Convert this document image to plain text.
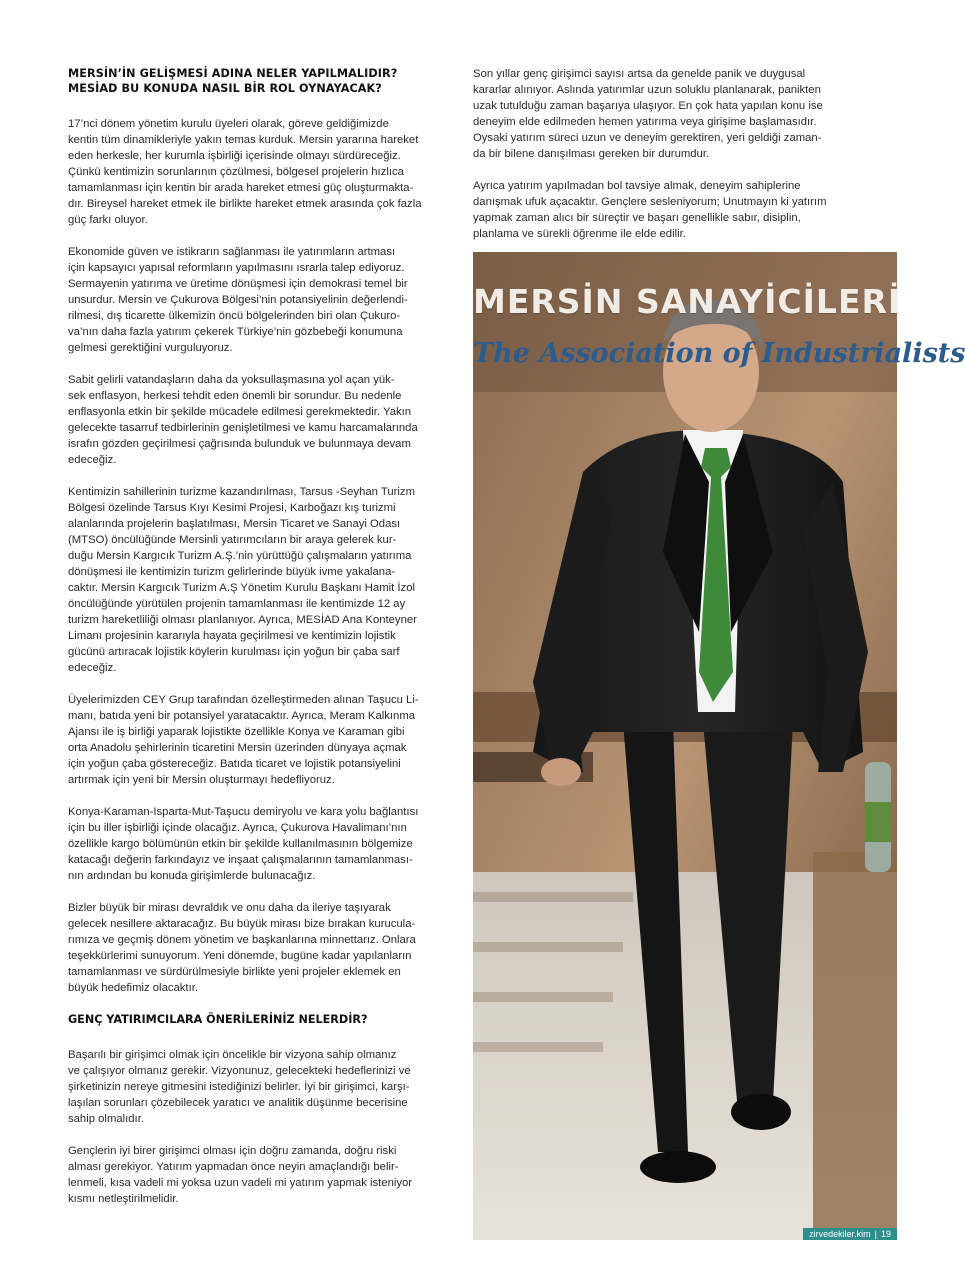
MERSİN’İN GELİŞMESİ ADINA NELER YAPILMALIDIR?
MESİAD BU KONUDA NASIL BİR ROL OYNAYACAK?
17’nci dönem yönetim kurulu üyeleri olarak, göreve geldiğimizde
kentin tüm dinamikleriyle yakın temas kurduk. Mersin yararına hareket
eden herkesle, her kurumla işbirliği içerisinde olmayı sürdüreceğiz.
Çünkü kentimizin sorunlarının çözülmesi, bölgesel projelerin hızlıca
tamamlanması için kentin bir arada hareket etmesi güç oluşturmakta-
dır. Bireysel hareket etmek ile birlikte hareket etmek arasında çok fazla
güç farkı oluyor.
Ekonomide güven ve istikrarın sağlanması ile yatırımların artması
için kapsayıcı yapısal reformların yapılmasını ısrarla talep ediyoruz.
Sermayenin yatırıma ve üretime dönüşmesi için demokrasi temel bir
unsurdur. Mersin ve Çukurova Bölgesi’nin potansiyelinin değerlendi-
rilmesi, dış ticarette ülkemizin öncü bölgelerinden biri olan Çukuro-
va’nın daha fazla yatırım çekerek Türkiye’nin gözbebeği konumuna
gelmesi gerektiğini vurguluyoruz.
Sabit gelirli vatandaşların daha da yoksullaşmasına yol açan yük-
sek enflasyon, herkesi tehdit eden önemli bir sorundur. Bu nedenle
enflasyonla etkin bir şekilde mücadele edilmesi gerekmektedir. Yakın
gelecekte tasarruf tedbirlerinin genişletilmesi ve kamu harcamalarında
israfın gözden geçirilmesi çağrısında bulunduk ve bulunmaya devam
edeceğiz.
Kentimizin sahillerinin turizme kazandırılması, Tarsus -Seyhan Turizm
Bölgesi özelinde Tarsus Kıyı Kesimi Projesi, Karboğazı kış turizmi
alanlarında projelerin başlatılması, Mersin Ticaret ve Sanayi Odası
(MTSO) öncülüğünde Mersinli yatırımcıların bir araya gelerek kur-
duğu Mersin Kargıcık Turizm A.Ş.’nin yürüttüğü çalışmaların yatırıma
dönüşmesi ile kentimizin turizm gelirlerinde büyük ivme yakalana-
caktır. Mersin Kargıcık Turizm A.Ş Yönetim Kurulu Başkanı Hamit İzol
öncülüğünde yürütülen projenin tamamlanması ile kentimizde 12 ay
turizm hareketliliği olması planlanıyor. Ayrıca, MESİAD Ana Konteyner
Limanı projesinin kararıyla hayata geçirilmesi ve kentimizin lojistik
gücünü artıracak lojistik köylerin kurulması için yoğun bir çaba sarf
edeceğiz.
Üyelerimizden CEY Grup tarafından özelleştirmeden alınan Taşucu Li-
manı, batıda yeni bir potansiyel yaratacaktır. Ayrıca, Meram Kalkınma
Ajansı ile iş birliği yaparak lojistikte özellikle Konya ve Karaman gibi
orta Anadolu şehirlerinin ticaretini Mersin üzerinden dünyaya açmak
için yoğun çaba göstereceğiz. Batıda ticaret ve lojistik potansiyelini
artırmak için yeni bir Mersin oluşturmayı hedefliyoruz.
Konya-Karaman-Isparta-Mut-Taşucu demiryolu ve kara yolu bağlantısı
için bu iller işbirliği içinde olacağız. Ayrıca, Çukurova Havalimanı’nın
özellikle kargo bölümünün etkin bir şekilde kullanılmasının bölgemize
katacağı değerin farkındayız ve inşaat çalışmalarının tamamlanması-
nın ardından bu konuda girişimlerde bulunacağız.
Bizler büyük bir mirası devraldık ve onu daha da ileriye taşıyarak
gelecek nesillere aktaracağız. Bu büyük mirası bize bırakan kurucula-
rımıza ve geçmiş dönem yönetim ve başkanlarına minnettarız. Onlara
teşekkürlerimi sunuyorum. Yeni dönemde, bugüne kadar yapılanların
tamamlanması ve sürdürülmesiyle birlikte yeni projeler eklemek en
büyük hedefimiz olacaktır.
GENÇ YATIRIMCILARA ÖNERİLERİNİZ NELERDİR?
Başarılı bir girişimci olmak için öncelikle bir vizyona sahip olmanız
ve çalışıyor olmanız gerekir. Vizyonunuz, gelecekteki hedeflerinizi ve
şirketinizin nereye gitmesini istediğinizi belirler. İyi bir girişimci, karşı-
laşılan sorunları çözebilecek yaratıcı ve analitik düşünme becerisine
sahip olmalıdır.
Gençlerin iyi birer girişimci olması için doğru zamanda, doğru riski
alması gerekiyor. Yatırım yapmadan önce neyin amaçlandığı belir-
lenmeli, kısa vadeli mi yoksa uzun vadeli mi yatırım yapmak isteniyor
kısmı netleştirilmelidir.
Son yıllar genç girişimci sayısı artsa da genelde panik ve duygusal
kararlar alınıyor. Aslında yatırımlar uzun soluklu planlanarak, panikten
uzak tutulduğu zaman başarıya ulaşıyor. En çok hata yapılan konu ise
deneyim elde edilmeden hemen yatırıma veya girişime başlamasıdır.
Oysaki yatırım süreci uzun ve deneyim gerektiren, yeri geldiği zaman-
da bir bilene danışılması gereken bir durumdur.
Ayrıca yatırım yapılmadan bol tavsiye almak, deneyim sahiplerine
danışmak ufuk açacaktır. Gençlere sesleniyorum; Unutmayın ki yatırım
yapmak zaman alıcı bir süreçtir ve başarı genellikle sabır, disiplin,
planlama ve sürekli öğrenme ile elde edilir.
MERSİN SANAYİCİLERİ
The Association of Industrialists
zirvedekiler.kim | 19
